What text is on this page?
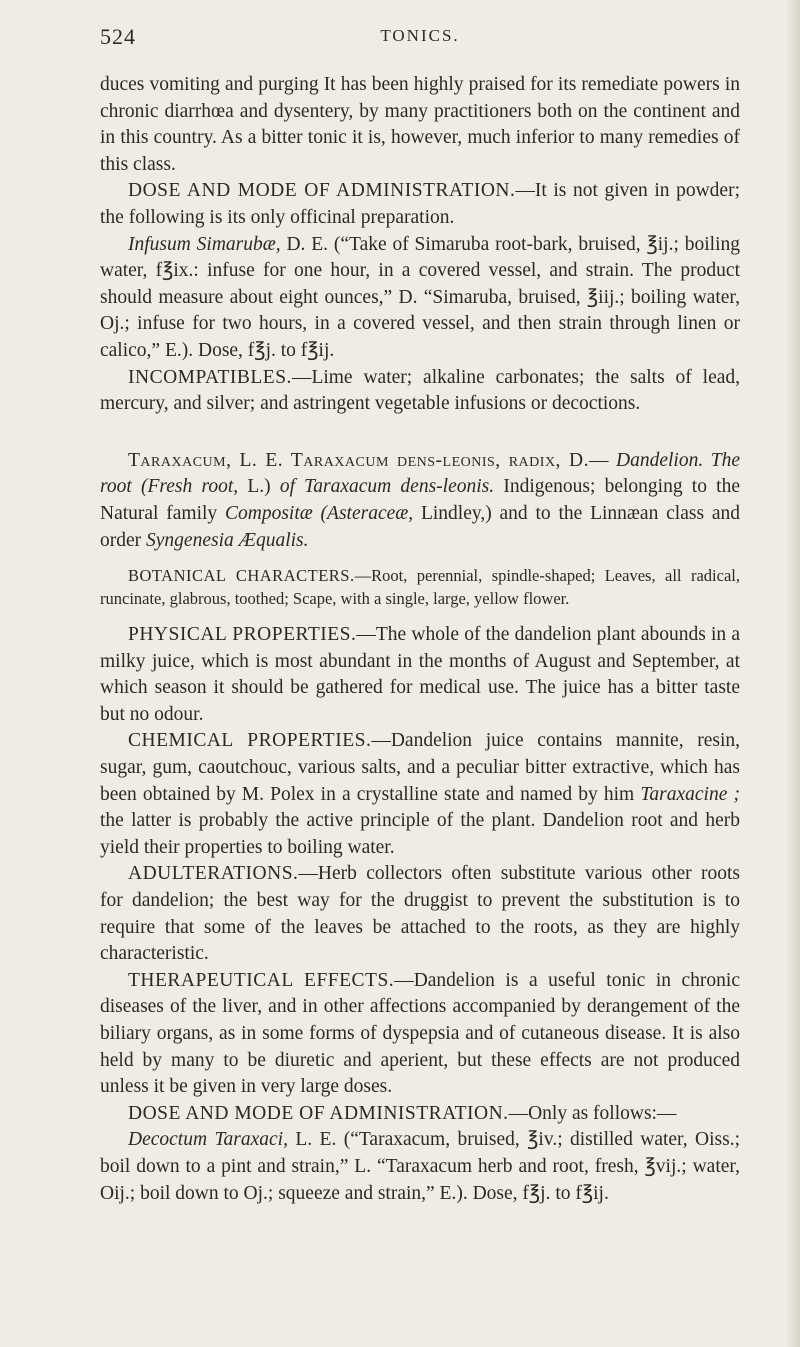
524	TONICS.

duces vomiting and purging It has been highly praised for its remediate powers in chronic diarrhœa and dysentery, by many practitioners both on the continent and in this country. As a bitter tonic it is, however, much inferior to many remedies of this class.

DOSE AND MODE OF ADMINISTRATION.—It is not given in powder; the following is its only officinal preparation.

Infusum Simarubæ, D. E. (“Take of Simaruba root-bark, bruised, ℥ij.; boiling water, f℥ix.: infuse for one hour, in a covered vessel, and strain. The product should measure about eight ounces,” D. “Simaruba, bruised, ℥iij.; boiling water, Oj.; infuse for two hours, in a covered vessel, and then strain through linen or calico,” E.). Dose, f℥j. to f℥ij.

INCOMPATIBLES.—Lime water; alkaline carbonates; the salts of lead, mercury, and silver; and astringent vegetable infusions or decoctions.

Taraxacum, L. E. Taraxacum dens-leonis, radix, D.— Dandelion. The root (Fresh root, L.) of Taraxacum dens-leonis. Indigenous; belonging to the Natural family Compositæ (Asteraceæ, Lindley,) and to the Linnæan class and order Syngenesia Æqualis.

BOTANICAL CHARACTERS.—Root, perennial, spindle-shaped; Leaves, all radical, runcinate, glabrous, toothed; Scape, with a single, large, yellow flower.

PHYSICAL PROPERTIES.—The whole of the dandelion plant abounds in a milky juice, which is most abundant in the months of August and September, at which season it should be gathered for medical use. The juice has a bitter taste but no odour.

CHEMICAL PROPERTIES.—Dandelion juice contains mannite, resin, sugar, gum, caoutchouc, various salts, and a peculiar bitter extractive, which has been obtained by M. Polex in a crystalline state and named by him Taraxacine ; the latter is probably the active principle of the plant. Dandelion root and herb yield their properties to boiling water.

ADULTERATIONS.—Herb collectors often substitute various other roots for dandelion; the best way for the druggist to prevent the substitution is to require that some of the leaves be attached to the roots, as they are highly characteristic.

THERAPEUTICAL EFFECTS.—Dandelion is a useful tonic in chronic diseases of the liver, and in other affections accompanied by derangement of the biliary organs, as in some forms of dyspepsia and of cutaneous disease. It is also held by many to be diuretic and aperient, but these effects are not produced unless it be given in very large doses.

DOSE AND MODE OF ADMINISTRATION.—Only as follows:—

Decoctum Taraxaci, L. E. (“Taraxacum, bruised, ℥iv.; distilled water, Oiss.; boil down to a pint and strain,” L. “Taraxacum herb and root, fresh, ℥vij.; water, Oij.; boil down to Oj.; squeeze and strain,” E.). Dose, f℥j. to f℥ij.
